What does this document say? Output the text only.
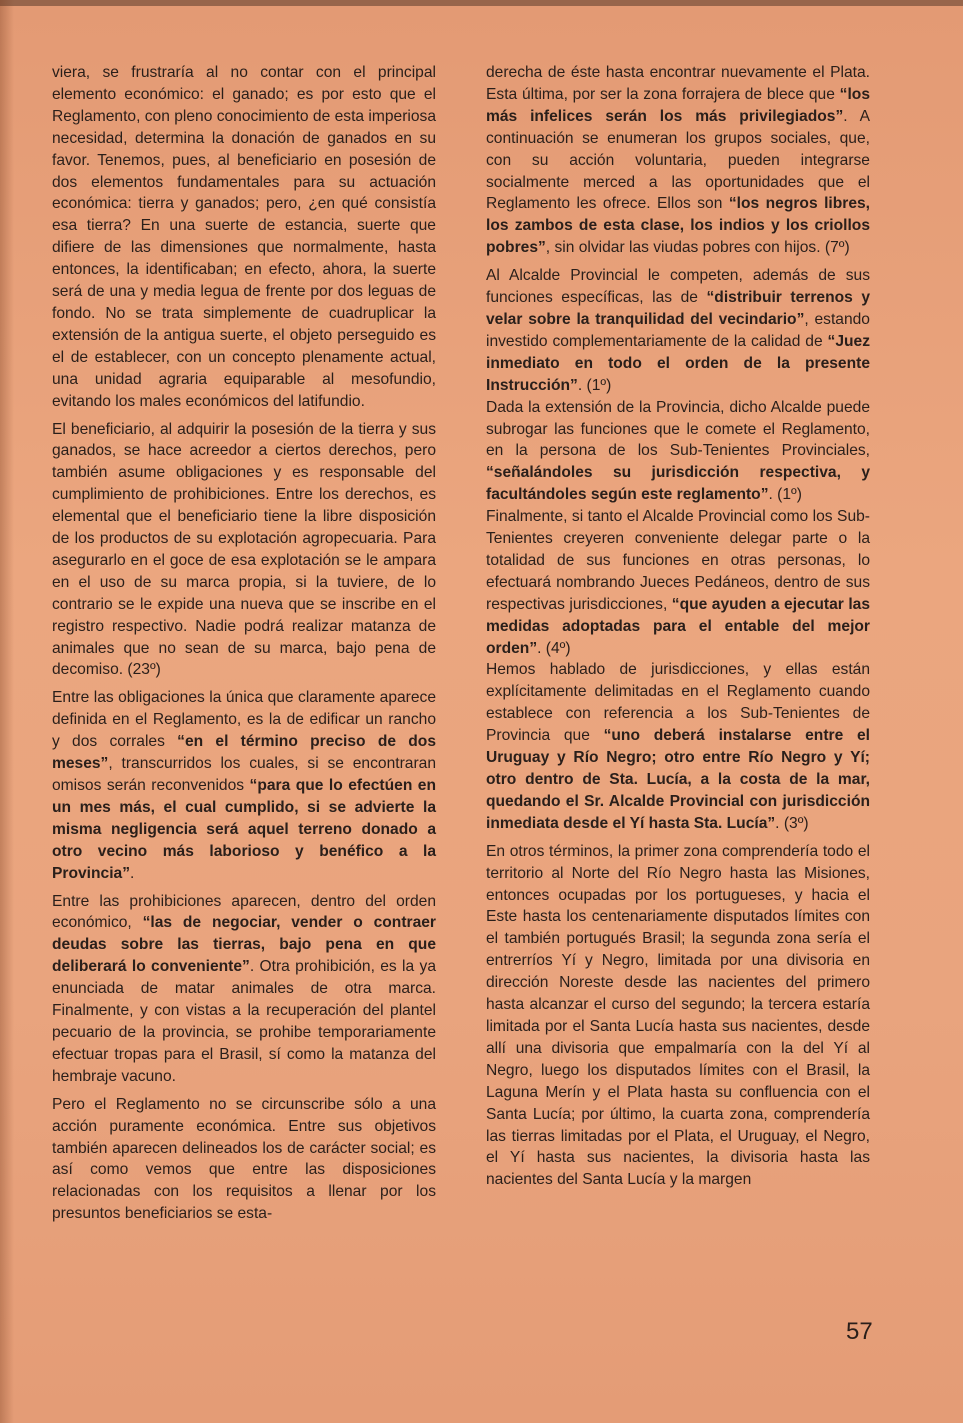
viera, se frustraría al no contar con el principal elemento económico: el ganado; es por esto que el Reglamento, con pleno conocimiento de esta imperiosa necesidad, determina la donación de ganados en su favor. Tenemos, pues, al beneficiario en posesión de dos elementos fundamentales para su actuación económica: tierra y ganados; pero, ¿en qué consistía esa tierra? En una suerte de estancia, suerte que difiere de las dimensiones que normalmente, hasta entonces, la identificaban; en efecto, ahora, la suerte será de una y media legua de frente por dos leguas de fondo. No se trata simplemente de cuadruplicar la extensión de la antigua suerte, el objeto perseguido es el de establecer, con un concepto plenamente actual, una unidad agraria equiparable al mesofundio, evitando los males económicos del latifundio.

El beneficiario, al adquirir la posesión de la tierra y sus ganados, se hace acreedor a ciertos derechos, pero también asume obligaciones y es responsable del cumplimiento de prohibiciones. Entre los derechos, es elemental que el beneficiario tiene la libre disposición de los productos de su explotación agropecuaria. Para asegurarlo en el goce de esa explotación se le ampara en el uso de su marca propia, si la tuviere, de lo contrario se le expide una nueva que se inscribe en el registro respectivo. Nadie podrá realizar matanza de animales que no sean de su marca, bajo pena de decomiso. (23º)

Entre las obligaciones la única que claramente aparece definida en el Reglamento, es la de edificar un rancho y dos corrales “en el término preciso de dos meses”, transcurridos los cuales, si se encontraran omisos serán reconvenidos “para que lo efectúen en un mes más, el cual cumplido, si se advierte la misma negligencia será aquel terreno donado a otro vecino más laborioso y benéfico a la Provincia”.

Entre las prohibiciones aparecen, dentro del orden económico, “las de negociar, vender o contraer deudas sobre las tierras, bajo pena en que deliberará lo conveniente”. Otra prohibición, es la ya enunciada de matar animales de otra marca. Finalmente, y con vistas a la recuperación del plantel pecuario de la provincia, se prohibe temporariamente efectuar tropas para el Brasil, sí como la matanza del hembraje vacuno.

Pero el Reglamento no se circunscribe sólo a una acción puramente económica. Entre sus objetivos también aparecen delineados los de carácter social; es así como vemos que entre las disposiciones relacionadas con los requisitos a llenar por los presuntos beneficiarios se esta-

derecha de éste hasta encontrar nuevamente el Plata. Esta última, por ser la zona forrajera de blece que “los más infelices serán los más privilegiados”. A continuación se enumeran los grupos sociales, que, con su acción voluntaria, pueden integrarse socialmente merced a las oportunidades que el Reglamento les ofrece. Ellos son “los negros libres, los zambos de esta clase, los indios y los criollos pobres”, sin olvidar las viudas pobres con hijos. (7º)

Al Alcalde Provincial le competen, además de sus funciones específicas, las de “distribuir terrenos y velar sobre la tranquilidad del vecindario”, estando investido complementariamente de la calidad de “Juez inmediato en todo el orden de la presente Instrucción”. (1º)

Dada la extensión de la Provincia, dicho Alcalde puede subrogar las funciones que le comete el Reglamento, en la persona de los Sub-Tenientes Provinciales, “señalándoles su jurisdicción respectiva, y facultándoles según este reglamento”. (1º)

Finalmente, si tanto el Alcalde Provincial como los Sub-Tenientes creyeren conveniente delegar parte o la totalidad de sus funciones en otras personas, lo efectuará nombrando Jueces Pedáneos, dentro de sus respectivas jurisdicciones, “que ayuden a ejecutar las medidas adoptadas para el entable del mejor orden”. (4º)

Hemos hablado de jurisdicciones, y ellas están explícitamente delimitadas en el Reglamento cuando establece con referencia a los Sub-Tenientes de Provincia que “uno deberá instalarse entre el Uruguay y Río Negro; otro entre Río Negro y Yí; otro dentro de Sta. Lucía, a la costa de la mar, quedando el Sr. Alcalde Provincial con jurisdicción inmediata desde el Yí hasta Sta. Lucía”. (3º)

En otros términos, la primer zona comprendería todo el territorio al Norte del Río Negro hasta las Misiones, entonces ocupadas por los portugueses, y hacia el Este hasta los centenariamente disputados límites con el también portugués Brasil; la segunda zona sería el entrerríos Yí y Negro, limitada por una divisoria en dirección Noreste desde las nacientes del primero hasta alcanzar el curso del segundo; la tercera estaría limitada por el Santa Lucía hasta sus nacientes, desde allí una divisoria que empalmaría con la del Yí al Negro, luego los disputados límites con el Brasil, la Laguna Merín y el Plata hasta su confluencia con el Santa Lucía; por último, la cuarta zona, comprendería las tierras limitadas por el Plata, el Uruguay, el Negro, el Yí hasta sus nacientes, la divisoria hasta las nacientes del Santa Lucía y la margen

57
